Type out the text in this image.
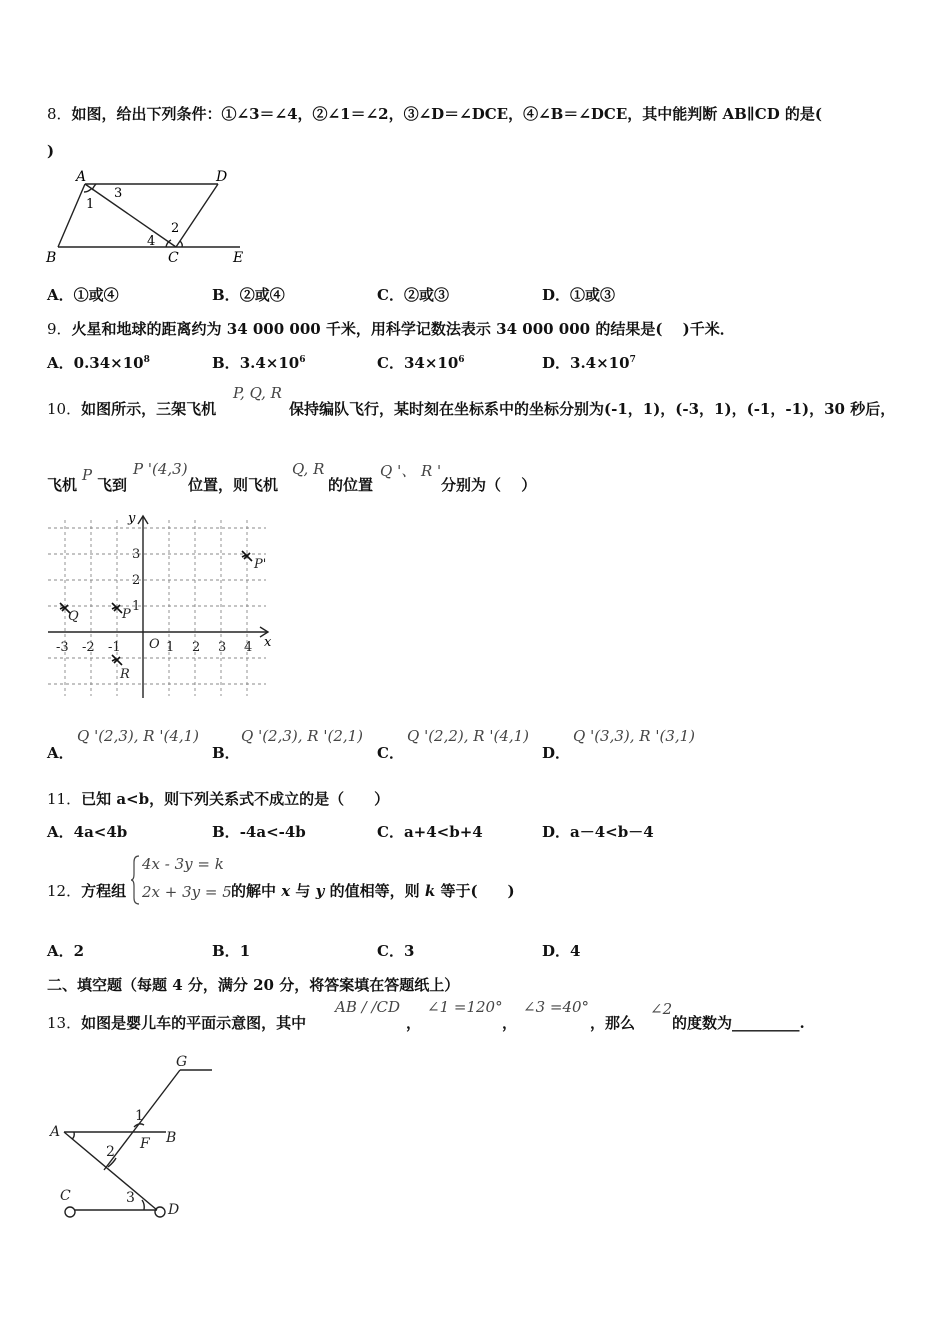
8．如图，给出下列条件：①∠3＝∠4，②∠1＝∠2，③∠D＝∠DCE，④∠B＝∠DCE，其中能判断 AB∥CD 的是(
)
A	D
B	C	E
1
3
2
4
A．①或④	B．②或④	C．②或③	D．①或③
9．火星和地球的距离约为 34 000 000 千米，用科学记数法表示 34 000 000 的结果是(　 )千米．
A．$0.34\times 10^8$	B．$3.4\times 10^6$	C．$34\times 10^6$	D．$3.4\times 10^7$
10．如图所示，三架飞机
P, Q, R
保持编队飞行，某时刻在坐标系中的坐标分别为(-1，1)，(-3，1)，(-1，-1)，30 秒后，
飞机
P
飞到
P '(4,3)
位置，则飞机
Q, R
的位置
Q '、 R '
分别为（　 ）
x
y
-3 -2 -1 O 1 2 3 4
3
2
1
Q	P
R
P'
A．
Q '(2,3), R '(4,1)
B．
Q '(2,3), R '(2,1)
C．
Q '(2,2), R '(4,1)
D．
Q '(3,3), R '(3,1)
11．已知 a<b，则下列关系式不成立的是（　　）
A．4a<4b	B．-4a<-4b	C．a+4<b+4	D．a－4<b－4
12．方程组
4x - 3y = k
2x + 3y = 5 的解中 x 与 y 的值相等，则 k 等于(　　)
A．2	B．1	C．3	D．4
二、填空题（每题 4 分，满分 20 分，将答案填在答题纸上）
13．如图是婴儿车的平面示意图，其中
AB / /CD
，
∠1 =120°
，
∠3 =40°
，那么
∠2
的度数为_________.
G
A	B
F
C
D
1
2
3
